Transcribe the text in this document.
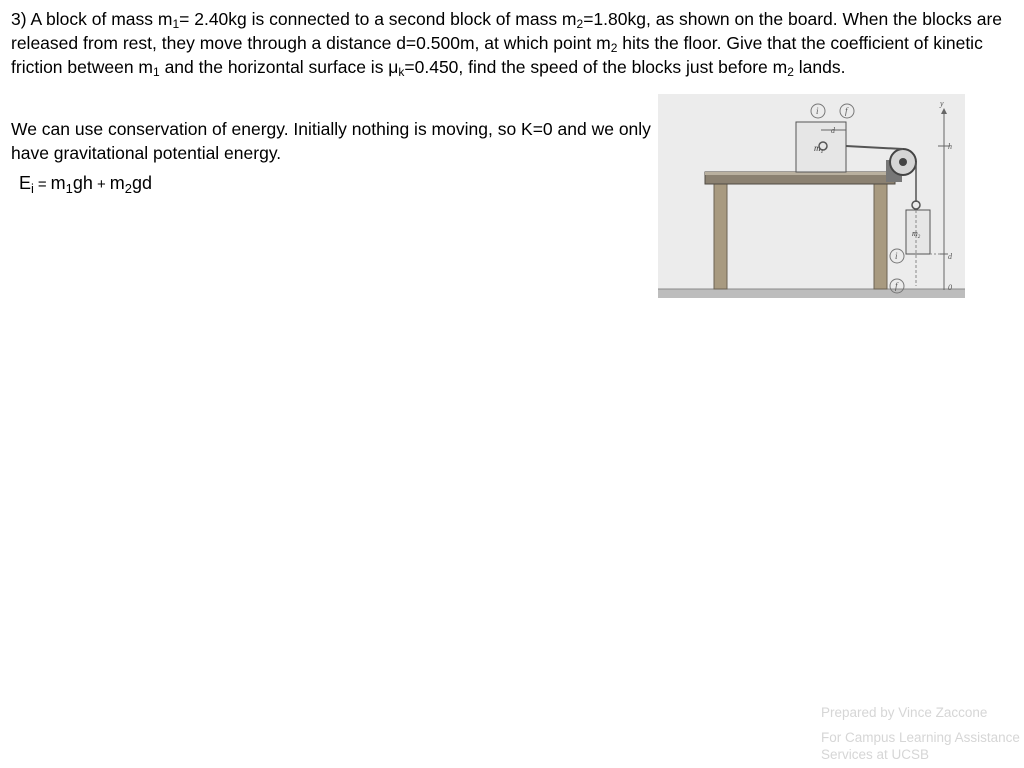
3) A block of mass $m_1= 2.40kg$ is connected to a second block of mass $m_2=1.80kg$, as shown on the board. When the blocks are released from rest, they move through a distance d=0.500m, at which point $m_2$ hits the floor. Give that the coefficient of kinetic friction between $m_1$ and the horizontal surface is $\mu_k=0.450$, find the speed of the blocks just before $m_2$ lands.

We can use conservation of energy. Initially nothing is moving, so K=0 and we only have gravitational potential energy.

$E_i = m_1gh + m_2gd$
$m_1$
$m_2$
i	f
d
y
h
d
0
i
f

Prepared by Vince Zaccone

For Campus Learning Assistance Services at UCSB
